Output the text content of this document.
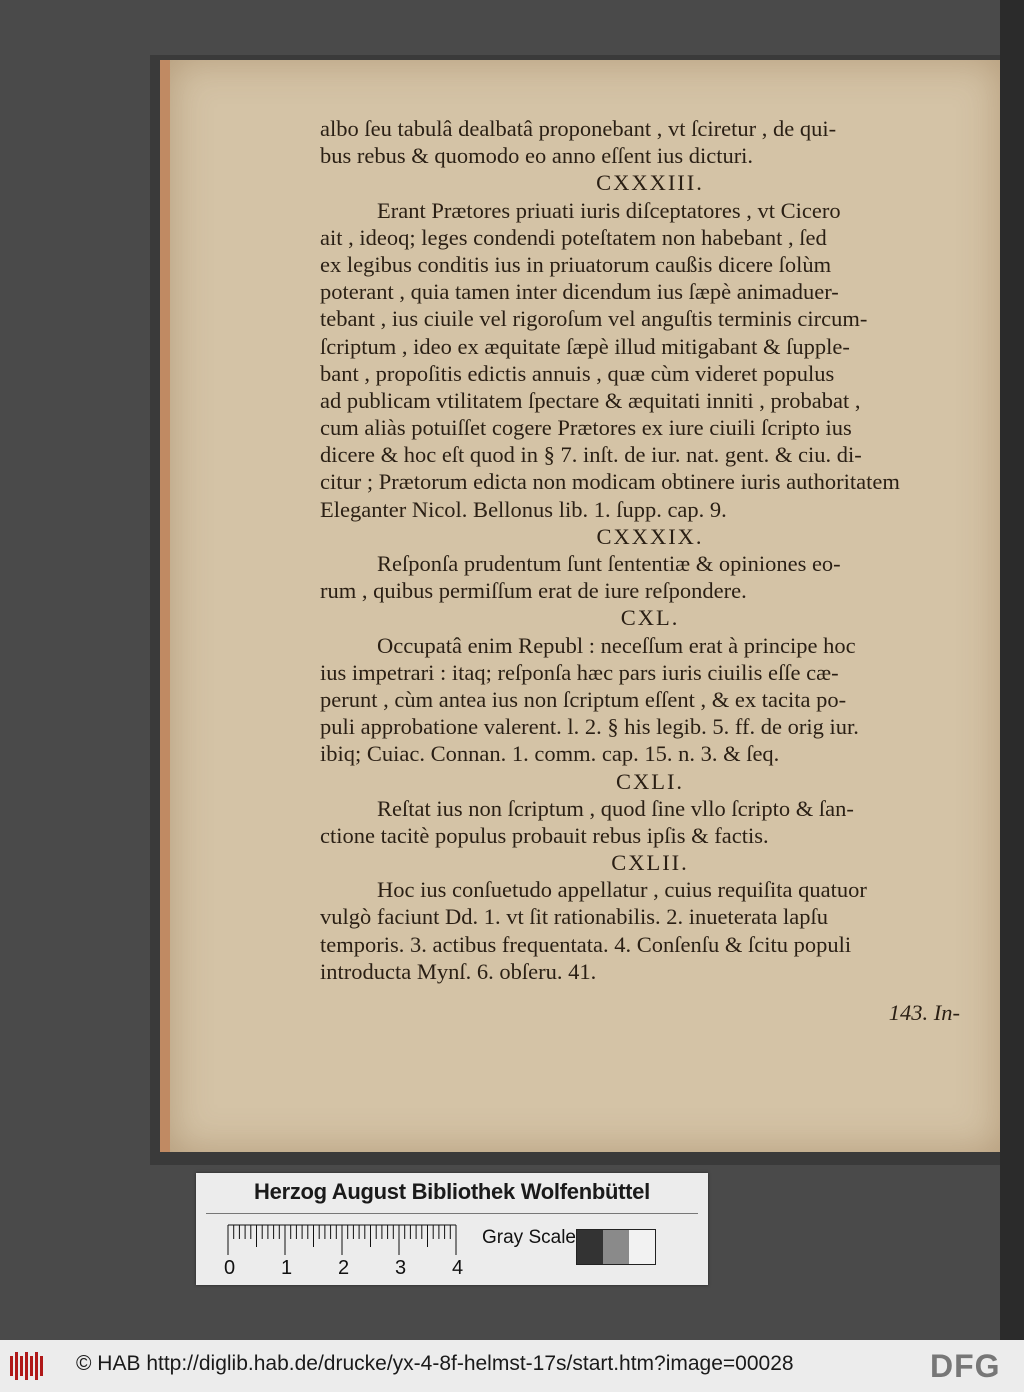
albo ſeu tabulâ dealbatâ proponebant , vt ſciretur , de qui-
bus rebus & quomodo eo anno eſſent ius dicturi.
CXXXIII.
Erant Prætores priuati iuris diſceptatores , vt Cicero
ait , ideoq; leges condendi poteſtatem non habebant , ſed
ex legibus conditis ius in priuatorum caußis dicere ſolùm
poterant , quia tamen inter dicendum ius ſæpè animaduer-
tebant , ius ciuile vel rigoroſum vel anguſtis terminis circum-
ſcriptum , ideo ex æquitate ſæpè illud mitigabant & ſupple-
bant , propoſitis edictis annuis , quæ cùm videret populus
ad publicam vtilitatem ſpectare & æquitati inniti , probabat ,
cum aliàs potuiſſet cogere Prætores ex iure ciuili ſcripto ius
dicere & hoc eſt quod in § 7. inſt. de iur. nat. gent. & ciu. di-
citur ; Prætorum edicta non modicam obtinere iuris authoritatem
Eleganter Nicol. Bellonus lib. 1. ſupp. cap. 9.
CXXXIX.
Reſponſa prudentum ſunt ſententiæ & opiniones eo-
rum , quibus permiſſum erat de iure reſpondere.
CXL.
Occupatâ enim Republ : neceſſum erat à principe hoc
ius impetrari : itaq; reſponſa hæc pars iuris ciuilis eſſe cæ-
perunt , cùm antea ius non ſcriptum eſſent , & ex tacita po-
puli approbatione valerent. l. 2. § his legib. 5. ff. de orig iur.
ibiq; Cuiac. Connan. 1. comm. cap. 15. n. 3. & ſeq.
CXLI.
Reſtat ius non ſcriptum , quod ſine vllo ſcripto & ſan-
ctione tacitè populus probauit rebus ipſis & factis.
CXLII.
Hoc ius conſuetudo appellatur , cuius requiſita quatuor
vulgò faciunt Dd. 1. vt ſit rationabilis. 2. inueterata lapſu
temporis. 3. actibus frequentata. 4. Conſenſu & ſcitu populi
introducta Mynſ. 6. obſeru. 41.
143. In-
Herzog August Bibliothek Wolfenbüttel
0 1 2 3 4
Gray Scale
© HAB http://diglib.hab.de/drucke/yx-4-8f-helmst-17s/start.htm?image=00028	DFG
